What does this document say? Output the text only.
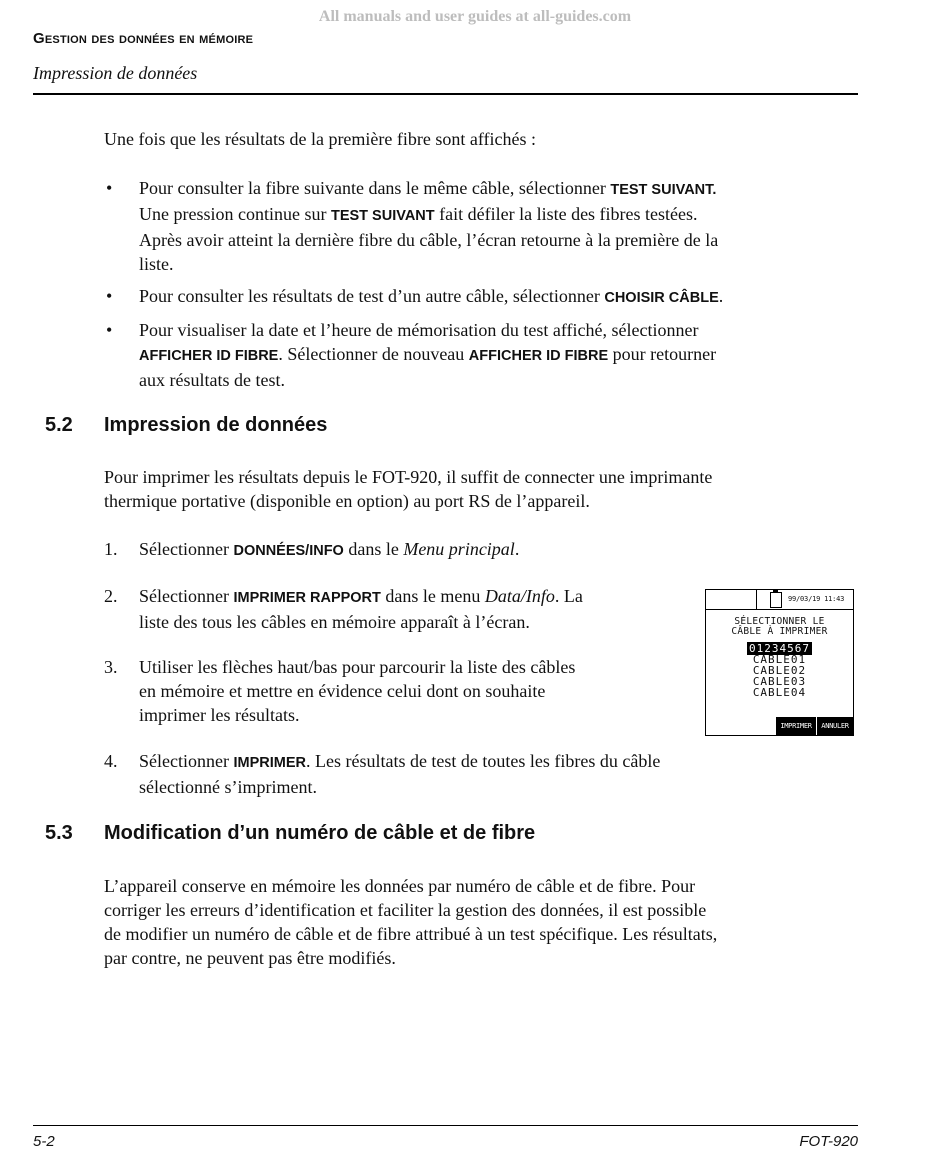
All manuals and user guides at all-guides.com
Gestion des données en mémoire
Impression de données
Une fois que les résultats de la première fibre sont affichés :
• Pour consulter la fibre suivante dans le même câble, sélectionner TEST SUIVANT.
Une pression continue sur TEST SUIVANT fait défiler la liste des fibres testées.
Après avoir atteint la dernière fibre du câble, l’écran retourne à la première de la
liste.
• Pour consulter les résultats de test d’un autre câble, sélectionner CHOISIR CÂBLE.
• Pour visualiser la date et l’heure de mémorisation du test affiché, sélectionner
AFFICHER ID FIBRE. Sélectionner de nouveau AFFICHER ID FIBRE pour retourner
aux résultats de test.
5.2 Impression de données
Pour imprimer les résultats depuis le FOT-920, il suffit de connecter une imprimante
thermique portative (disponible en option) au port RS de l’appareil.
1. Sélectionner DONNÉES/INFO dans le Menu principal.
2. Sélectionner IMPRIMER RAPPORT dans le menu Data/Info. La
liste des tous les câbles en mémoire apparaît à l’écran.
3. Utiliser les flèches haut/bas pour parcourir la liste des câbles
en mémoire et mettre en évidence celui dont on souhaite
imprimer les résultats.
99/03/19 11:43
SÉLECTIONNER LE
CÂBLE À IMPRIMER
01234567
CABLE01
CABLE02
CABLE03
CABLE04
IMPRIMER	ANNULER
4. Sélectionner IMPRIMER. Les résultats de test de toutes les fibres du câble
sélectionné s’impriment.
5.3 Modification d’un numéro de câble et de fibre
L’appareil conserve en mémoire les données par numéro de câble et de fibre. Pour
corriger les erreurs d’identification et faciliter la gestion des données, il est possible
de modifier un numéro de câble et de fibre attribué à un test spécifique. Les résultats,
par contre, ne peuvent pas être modifiés.
5-2	FOT-920
